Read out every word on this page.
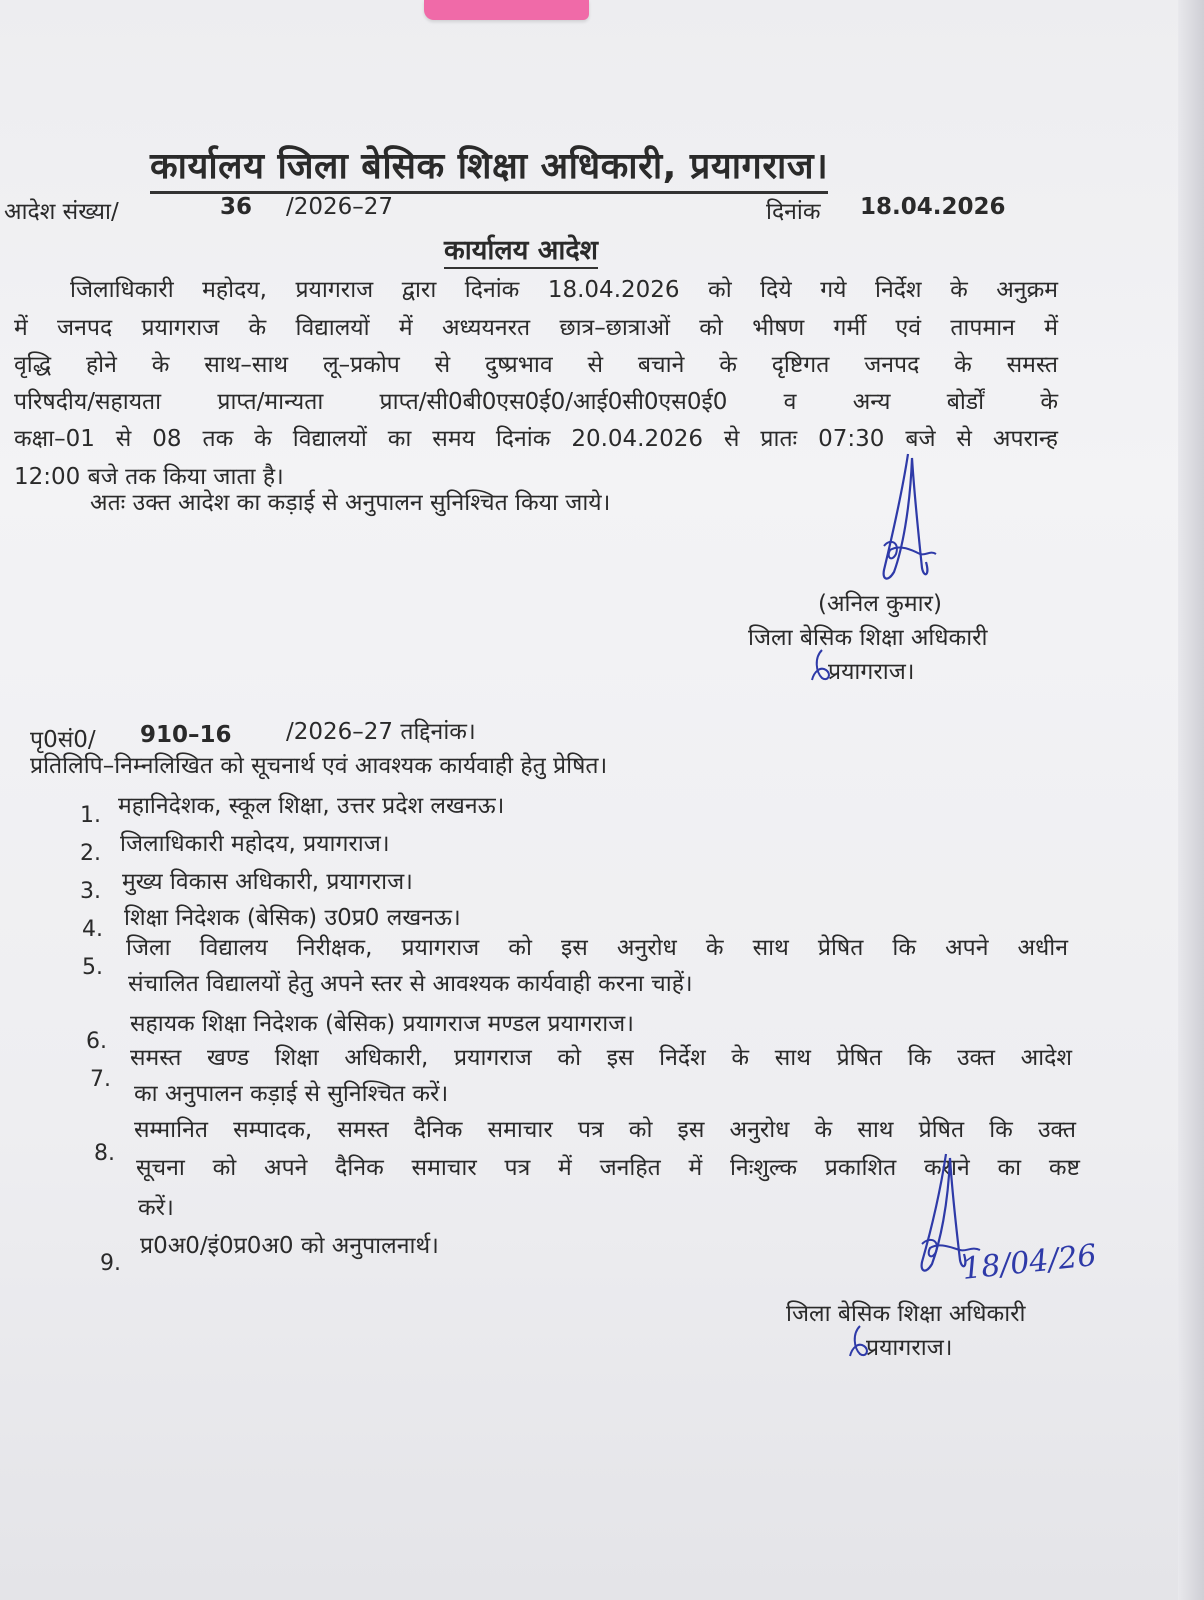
कार्यालय जिला बेसिक शिक्षा अधिकारी, प्रयागराज।
आदेश संख्या/	36 /2026–27	दिनांक 18.04.2026
कार्यालय आदेश
जिलाधिकारी महोदय, प्रयागराज द्वारा दिनांक 18.04.2026 को दिये गये निर्देश के अनुक्रम
में जनपद प्रयागराज के विद्यालयों में अध्ययनरत छात्र–छात्राओं को भीषण गर्मी एवं तापमान में
वृद्धि होने के साथ–साथ लू–प्रकोप से दुष्प्रभाव से बचाने के दृष्टिगत जनपद के समस्त
परिषदीय/सहायता प्राप्त/मान्यता प्राप्त/सी0बी0एस0ई0/आई0सी0एस0ई0 व अन्य बोर्डों के
कक्षा–01 से 08 तक के विद्यालयों का समय दिनांक 20.04.2026 से प्रातः 07:30 बजे से अपरान्ह
12:00 बजे तक किया जाता है।
अतः उक्त आदेश का कड़ाई से अनुपालन सुनिश्चित किया जाये।
(अनिल कुमार)
जिला बेसिक शिक्षा अधिकारी
प्रयागराज।
पृ0सं0/ 910–16 /2026–27 तद्दिनांक।
प्रतिलिपि–निम्नलिखित को सूचनार्थ एवं आवश्यक कार्यवाही हेतु प्रेषित।
1. महानिदेशक, स्कूल शिक्षा, उत्तर प्रदेश लखनऊ।
2. जिलाधिकारी महोदय, प्रयागराज।
3. मुख्य विकास अधिकारी, प्रयागराज।
4. शिक्षा निदेशक (बेसिक) उ0प्र0 लखनऊ।
5.
जिला विद्यालय निरीक्षक, प्रयागराज को इस अनुरोध के साथ प्रेषित कि अपने अधीन
संचालित विद्यालयों हेतु अपने स्तर से आवश्यक कार्यवाही करना चाहें।
6.
सहायक शिक्षा निदेशक (बेसिक) प्रयागराज मण्डल प्रयागराज।
7.
समस्त खण्ड शिक्षा अधिकारी, प्रयागराज को इस निर्देश के साथ प्रेषित कि उक्त आदेश
का अनुपालन कड़ाई से सुनिश्चित करें।
8.
सम्मानित सम्पादक, समस्त दैनिक समाचार पत्र को इस अनुरोध के साथ प्रेषित कि उक्त
सूचना को अपने दैनिक समाचार पत्र में जनहित में निःशुल्क प्रकाशित कराने का कष्ट
करें।
9.
प्र0अ0/इं0प्र0अ0 को अनुपालनार्थ।	18/04/26
जिला बेसिक शिक्षा अधिकारी
प्रयागराज।
